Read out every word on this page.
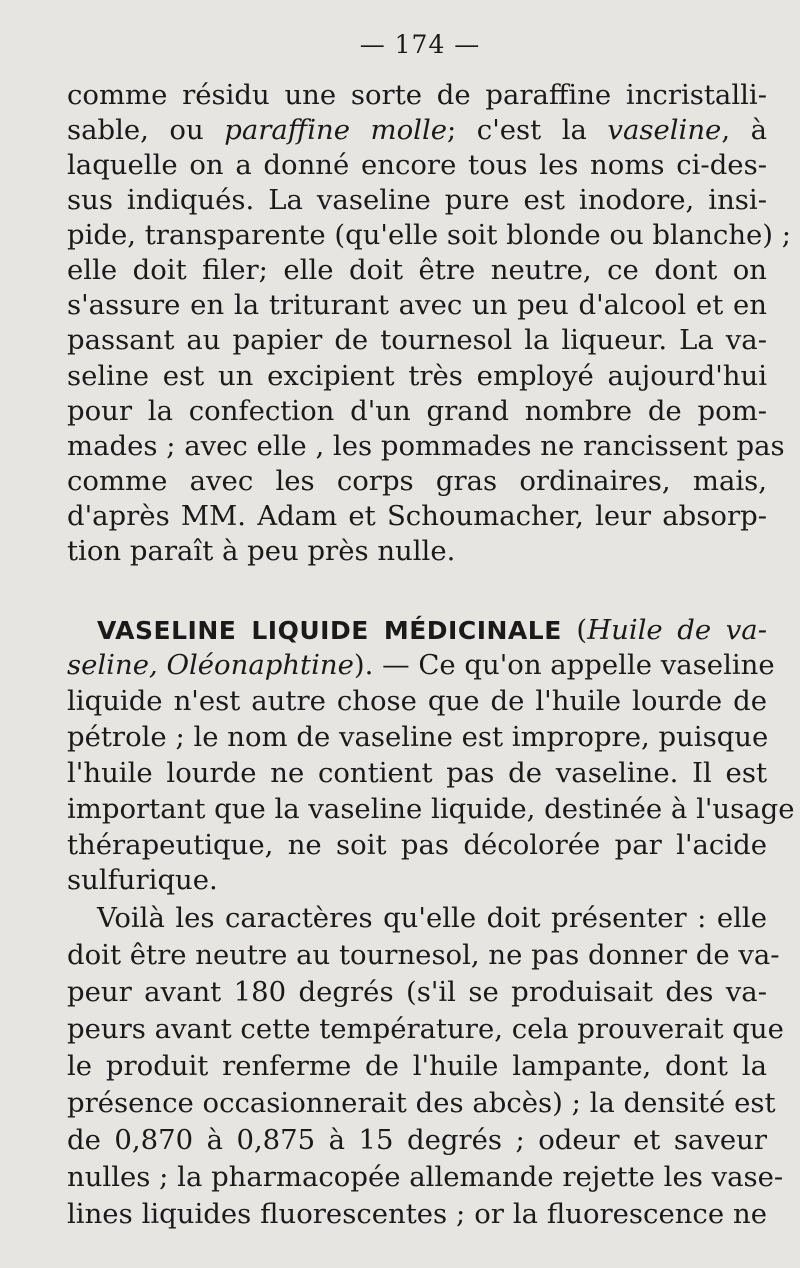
— 174 —
comme résidu une sorte de paraffine incristalli-
sable, ou paraffine molle; c'est la vaseline, à
laquelle on a donné encore tous les noms ci-des-
sus indiqués. La vaseline pure est inodore, insi-
pide, transparente (qu'elle soit blonde ou blanche) ;
elle doit filer; elle doit être neutre, ce dont on
s'assure en la triturant avec un peu d'alcool et en
passant au papier de tournesol la liqueur. La va-
seline est un excipient très employé aujourd'hui
pour la confection d'un grand nombre de pom-
mades ; avec elle , les pommades ne rancissent pas
comme avec les corps gras ordinaires, mais,
d'après MM. Adam et Schoumacher, leur absorp-
tion paraît à peu près nulle.
VASELINE LIQUIDE MÉDICINALE (Huile de va-
seline, Oléonaphtine). — Ce qu'on appelle vaseline
liquide n'est autre chose que de l'huile lourde de
pétrole ; le nom de vaseline est impropre, puisque
l'huile lourde ne contient pas de vaseline. Il est
important que la vaseline liquide, destinée à l'usage
thérapeutique, ne soit pas décolorée par l'acide
sulfurique.
Voilà les caractères qu'elle doit présenter : elle
doit être neutre au tournesol, ne pas donner de va-
peur avant 180 degrés (s'il se produisait des va-
peurs avant cette température, cela prouverait que
le produit renferme de l'huile lampante, dont la
présence occasionnerait des abcès) ; la densité est
de 0,870 à 0,875 à 15 degrés ; odeur et saveur
nulles ; la pharmacopée allemande rejette les vase-
lines liquides fluorescentes ; or la fluorescence ne
